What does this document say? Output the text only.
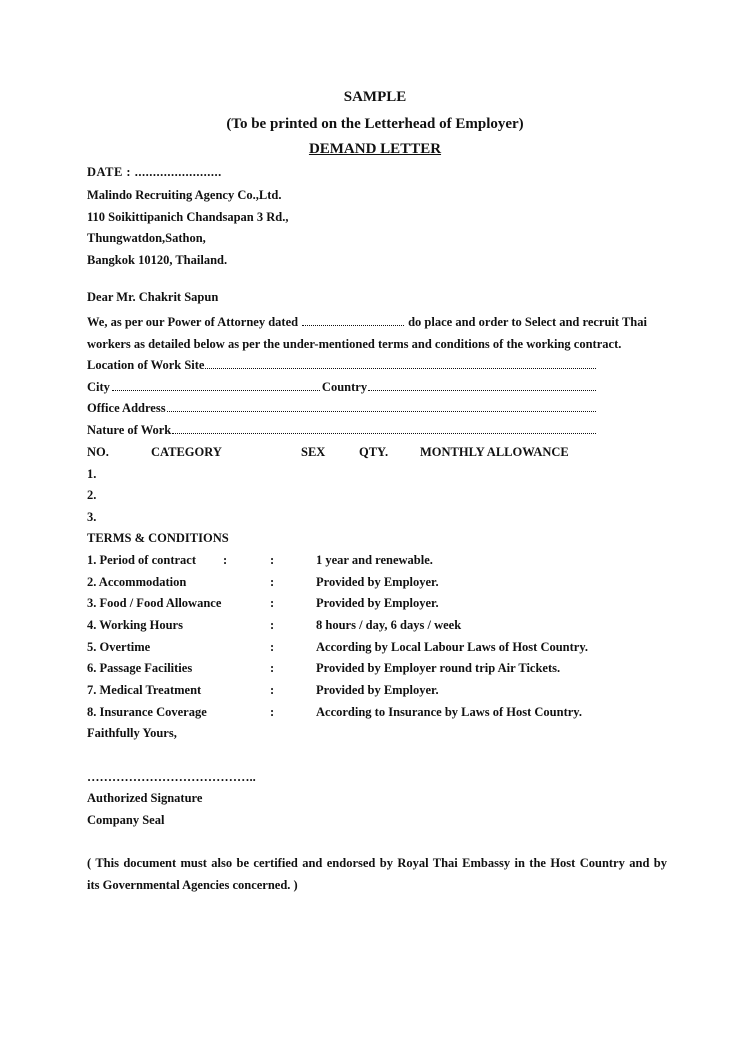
SAMPLE
(To be printed on the Letterhead of Employer)
DEMAND LETTER
DATE : ........................
Malindo Recruiting Agency Co.,Ltd.
110 Soikittipanich Chandsapan 3 Rd.,
Thungwatdon,Sathon,
Bangkok 10120, Thailand.
Dear Mr. Chakrit Sapun
We, as per our Power of Attorney dated	do place and order to Select and recruit Thai
workers as detailed below as per the under-mentioned terms and conditions of the working contract.
Location of Work Site
City	Country
Office Address
Nature of Work
NO.	CATEGORY	SEX	QTY.	MONTHLY ALLOWANCE
1.
2.
3.
TERMS & CONDITIONS
1. Period of contract :	:	1 year and renewable.
2. Accommodation	:	Provided by Employer.
3. Food / Food Allowance	:	Provided by Employer.
4. Working Hours	:	8 hours / day, 6 days / week
5. Overtime	:	According by Local Labour Laws of Host Country.
6. Passage Facilities	:	Provided by Employer round trip Air Tickets.
7. Medical Treatment	:	Provided by Employer.
8. Insurance Coverage	:	According to Insurance by Laws of Host Country.
Faithfully Yours,
…………………………………..
Authorized Signature
Company Seal
( This document must also be certified and endorsed by Royal Thai Embassy in the Host Country and by
its Governmental Agencies concerned. )
